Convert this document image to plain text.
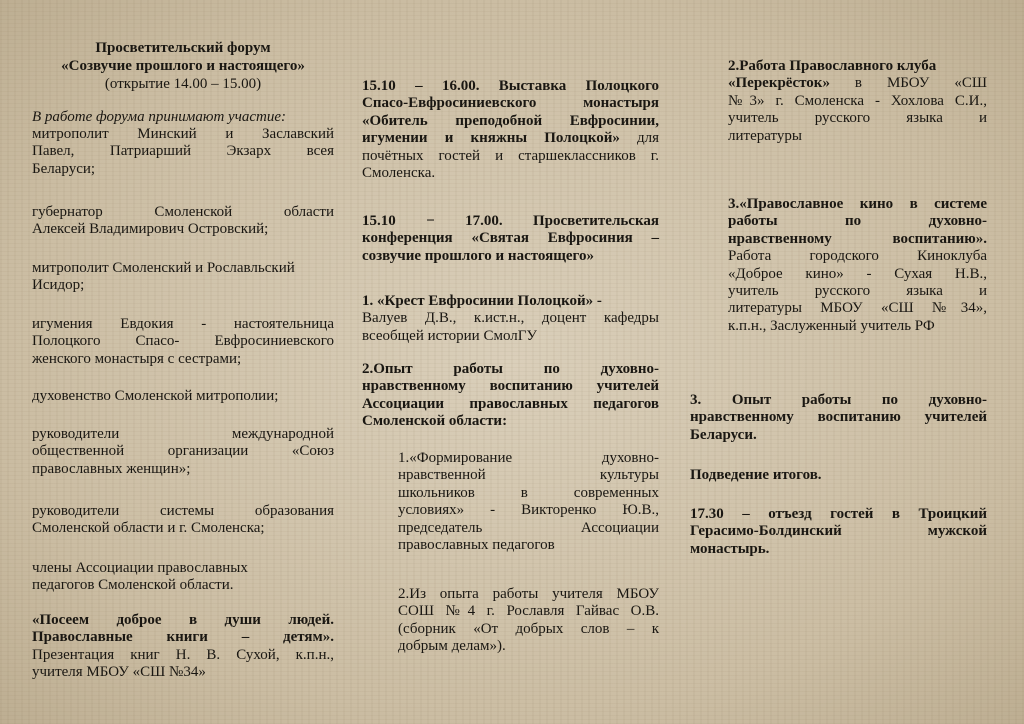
Просветительский форум
«Созвучие прошлого и настоящего»
(открытие 14.00 – 15.00)
В работе форума принимают участие:

митрополит Минский и Заславский

Павел, Патриарший Экзарх всея

Беларуси;

губернатор Смоленской области

Алексей Владимирович Островский;

митрополит Смоленский и Рославльский

Исидор;

игумения Евдокия - настоятельница

Полоцкого Спасо- Евфросиниевского

женского монастыря с сестрами;

духовенство Смоленской митрополии;

руководители международной

общественной организации «Союз

православных женщин»;

руководители системы образования

Смоленской области и г. Смоленска;

члены Ассоциации православных

педагогов Смоленской области.

«Посеем доброе в души людей.

Православные книги – детям».

Презентация книг Н. В. Сухой, к.п.н.,

учителя МБОУ «СШ №34»

15.10 – 16.00. Выставка Полоцкого

Спасо-Евфросиниевского монастыря

«Обитель преподобной Евфросинии,

игумении и княжны Полоцкой» для

почётных гостей и старшеклассников г.

Смоленска.

15.10 − 17.00. Просветительская

конференция «Святая Евфросиния –

созвучие прошлого и настоящего»

1. «Крест Евфросинии Полоцкой» -

Валуев Д.В., к.ист.н., доцент кафедры

всеобщей истории СмолГУ

2.Опыт работы по духовно-

нравственному воспитанию учителей

Ассоциации православных педагогов

Смоленской области:

1.«Формирование духовно-

нравственной культуры

школьников в современных

условиях» - Викторенко Ю.В.,

председатель Ассоциации

православных педагогов

2.Из опыта работы учителя МБОУ

СОШ №4 г. Рославля Гайвас О.В.

(сборник «От добрых слов – к

добрым делам»).

2.Работа Православного клуба

«Перекрёсток» в МБОУ «СШ

№3» г. Смоленска - Хохлова С.И.,

учитель русского языка и

литературы

3.«Православное кино в системе

работы по духовно-

нравственному воспитанию».

Работа городского Киноклуба

«Доброе кино» - Сухая Н.В.,

учитель русского языка и

литературы МБОУ «СШ №34»,

к.п.н., Заслуженный учитель РФ

3. Опыт работы по духовно-

нравственному воспитанию учителей

Беларуси.

Подведение итогов.

17.30 – отъезд гостей в Троицкий

Герасимо-Болдинский мужской

монастырь.
